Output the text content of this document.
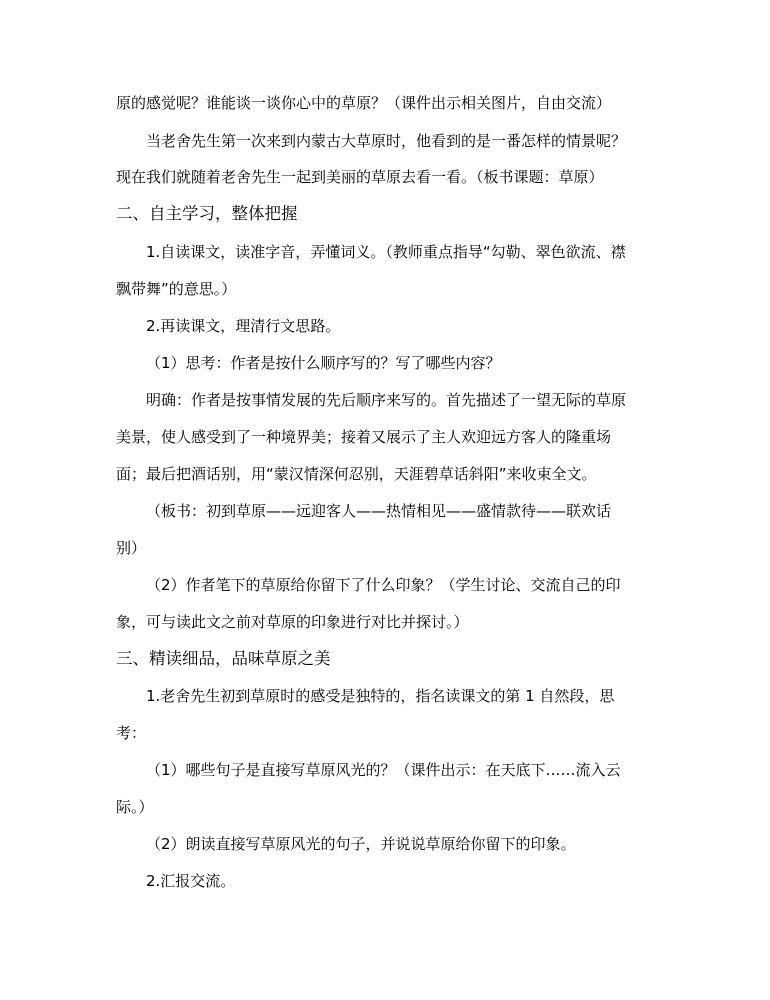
原的感觉呢？谁能谈一谈你心中的草原？（课件出示相关图片，自由交流）
当老舍先生第一次来到内蒙古大草原时，他看到的是一番怎样的情景呢？
现在我们就随着老舍先生一起到美丽的草原去看一看。（板书课题：草原）
二、自主学习，整体把握
1.自读课文，读准字音，弄懂词义。（教师重点指导“勾勒、翠色欲流、襟
飘带舞”的意思。）
2.再读课文，理清行文思路。
（1）思考：作者是按什么顺序写的？写了哪些内容？
明确：作者是按事情发展的先后顺序来写的。首先描述了一望无际的草原
美景，使人感受到了一种境界美；接着又展示了主人欢迎远方客人的隆重场
面；最后把酒话别，用“蒙汉情深何忍别，天涯碧草话斜阳”来收束全文。
（板书：初到草原——远迎客人——热情相见——盛情款待——联欢话
别）
（2）作者笔下的草原给你留下了什么印象？（学生讨论、交流自己的印
象，可与读此文之前对草原的印象进行对比并探讨。）
三、精读细品，品味草原之美
1.老舍先生初到草原时的感受是独特的，指名读课文的第 1 自然段，思
考：
（1）哪些句子是直接写草原风光的？（课件出示：在天底下……流入云
际。）
（2）朗读直接写草原风光的句子，并说说草原给你留下的印象。
2.汇报交流。
